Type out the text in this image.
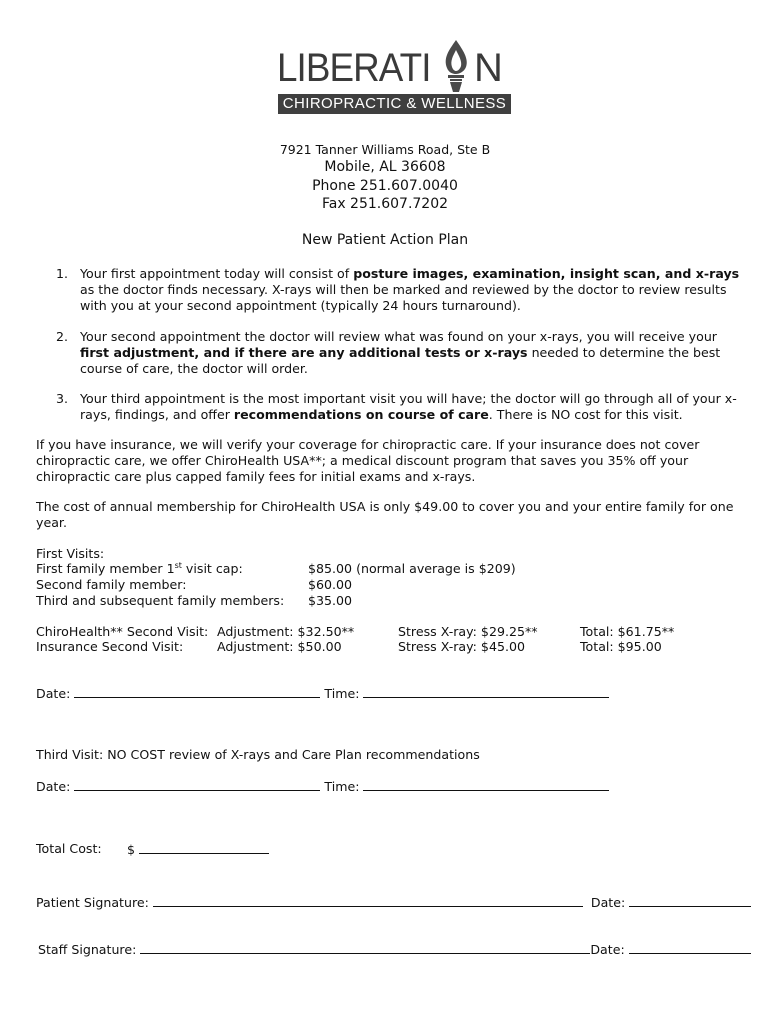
LIBERATI N
CHIROPRACTIC & WELLNESS
7921 Tanner Williams Road, Ste B
Mobile, AL 36608
Phone 251.607.0040
Fax 251.607.7202
New Patient Action Plan
1. Your first appointment today will consist of posture images, examination, insight scan, and x-rays as the doctor finds necessary. X-rays will then be marked and reviewed by the doctor to review results with you at your second appointment (typically 24 hours turnaround).
2. Your second appointment the doctor will review what was found on your x-rays, you will receive your first adjustment, and if there are any additional tests or x-rays needed to determine the best course of care, the doctor will order.
3. Your third appointment is the most important visit you will have; the doctor will go through all of your x-rays, findings, and offer recommendations on course of care. There is NO cost for this visit.
If you have insurance, we will verify your coverage for chiropractic care. If your insurance does not cover chiropractic care, we offer ChiroHealth USA**; a medical discount program that saves you 35% off your chiropractic care plus capped family fees for initial exams and x-rays.
The cost of annual membership for ChiroHealth USA is only $49.00 to cover you and your entire family for one year.
First Visits:
First family member 1st visit cap:	$85.00 (normal average is $209)
Second family member:	$60.00
Third and subsequent family members: $35.00
ChiroHealth** Second Visit: Adjustment: $32.50**	Stress X-ray: $29.25**	Total: $61.75**
Insurance Second Visit:	Adjustment: $50.00	Stress X-ray: $45.00	Total: $95.00
Date:	Time:
Third Visit: NO COST review of X-rays and Care Plan recommendations
Date:	Time:
Total Cost: $
Patient Signature:	Date:
Staff Signature:	Date:
